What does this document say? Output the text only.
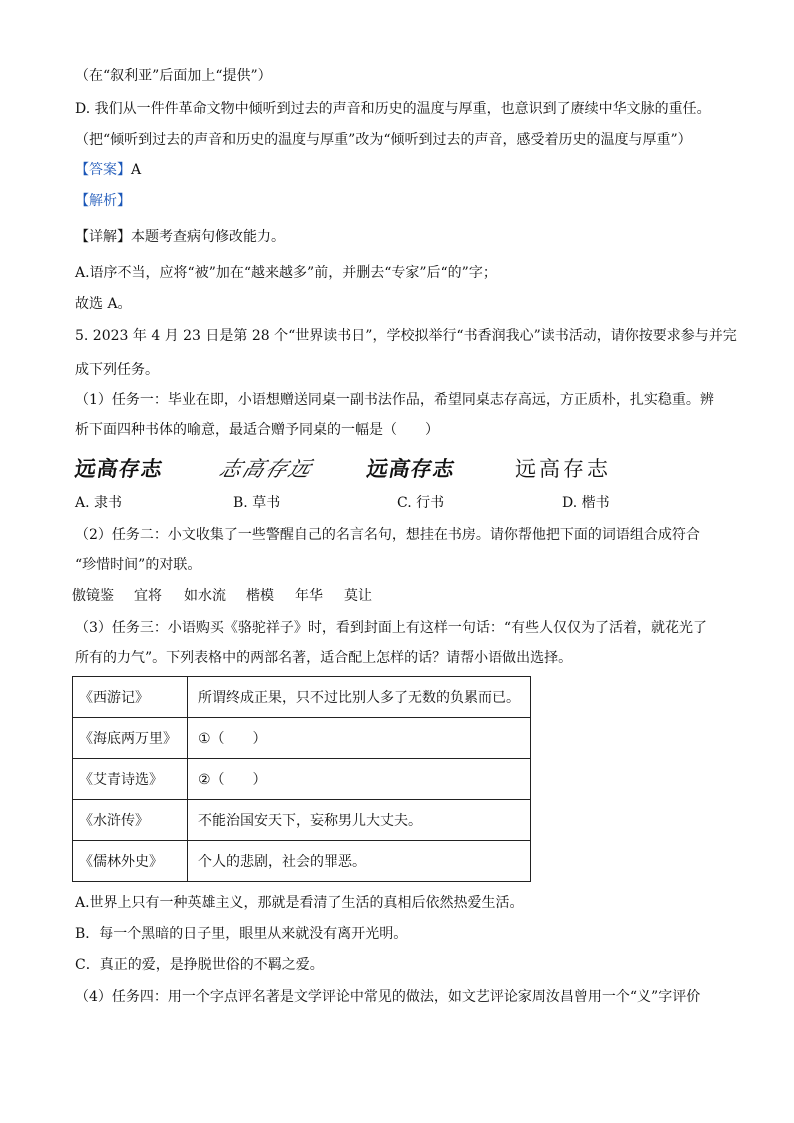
（在“叙利亚”后面加上“提供”）
D. 我们从一件件革命文物中倾听到过去的声音和历史的温度与厚重，也意识到了赓续中华文脉的重任。
（把“倾听到过去的声音和历史的温度与厚重”改为“倾听到过去的声音，感受着历史的温度与厚重”）
【答案】A
【解析】
【详解】本题考查病句修改能力。
A.语序不当，应将“被”加在“越来越多”前，并删去“专家”后“的”字；
故选 A。
5. 2023 年 4 月 23 日是第 28 个“世界读书日”，学校拟举行“书香润我心”读书活动，请你按要求参与并完
成下列任务。
（1）任务一：毕业在即，小语想赠送同桌一副书法作品，希望同桌志存高远，方正质朴，扎实稳重。辨
析下面四种书体的喻意，最适合赠予同桌的一幅是（　　）
远高存志 志高存远 远高存志	远高存志
A. 隶书	B. 草书	C. 行书	D. 楷书
（2）任务二：小文收集了一些警醒自己的名言名句，想挂在书房。请你帮他把下面的词语组合成符合
“珍惜时间”的对联。
傲镜鉴 宜将 如水流 楷模 年华 莫让
（3）任务三：小语购买《骆驼祥子》时，看到封面上有这样一句话：“有些人仅仅为了活着，就花光了
所有的力气”。下列表格中的两部名著，适合配上怎样的话？请帮小语做出选择。
《西游记》	所谓终成正果，只不过比别人多了无数的负累而已。
《海底两万里》	①（　　）
《艾青诗选》	②（　　）
《水浒传》	不能治国安天下，妄称男儿大丈夫。
《儒林外史》	个人的悲剧，社会的罪恶。
A.世界上只有一种英雄主义，那就是看清了生活的真相后依然热爱生活。
B．每一个黑暗的日子里，眼里从来就没有离开光明。
C．真正的爱，是挣脱世俗的不羁之爱。
（4）任务四：用一个字点评名著是文学评论中常见的做法，如文艺评论家周汝昌曾用一个“义”字评价
